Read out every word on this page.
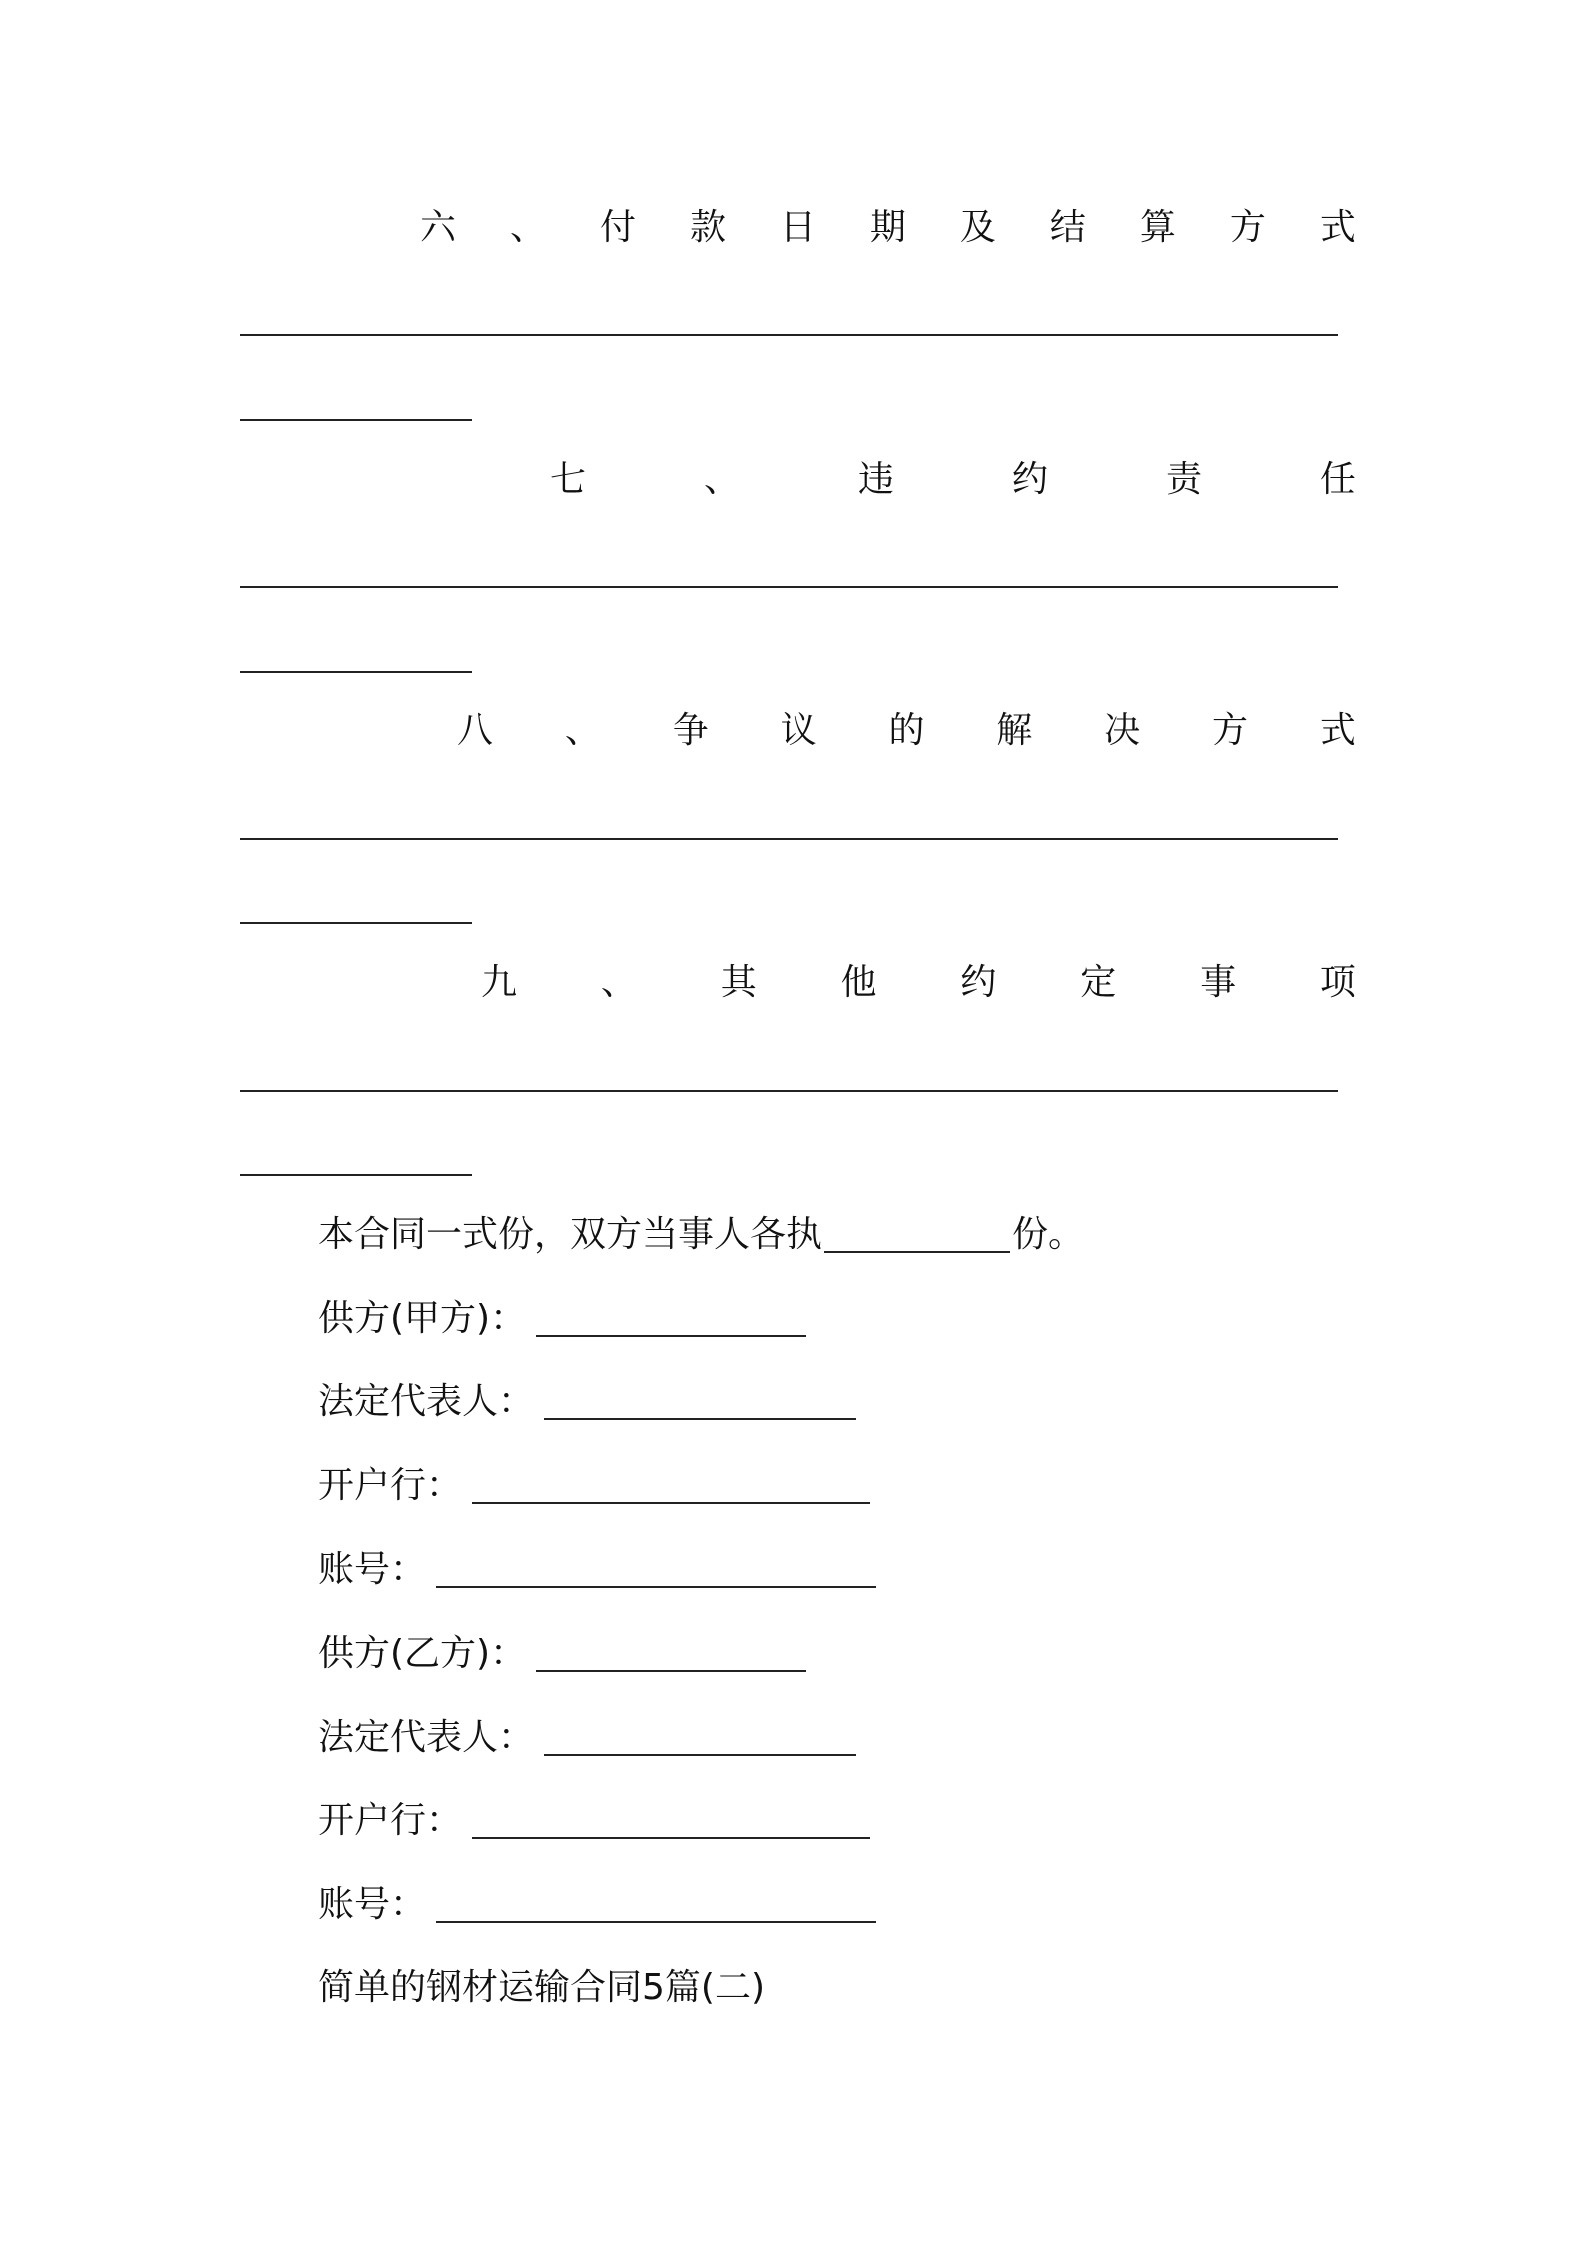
六 、 付 款 日 期 及 结 算 方 式
七	、	违	约	责	任
八 、 争 议 的 解 决 方 式
九 、 其 他 约 定 事 项
本合同一式份，双方当事人各执	份。
供方(甲方)：
法定代表人：
开户行：
账号：
供方(乙方)：
法定代表人：
开户行：
账号：
简单的钢材运输合同5篇(二)
